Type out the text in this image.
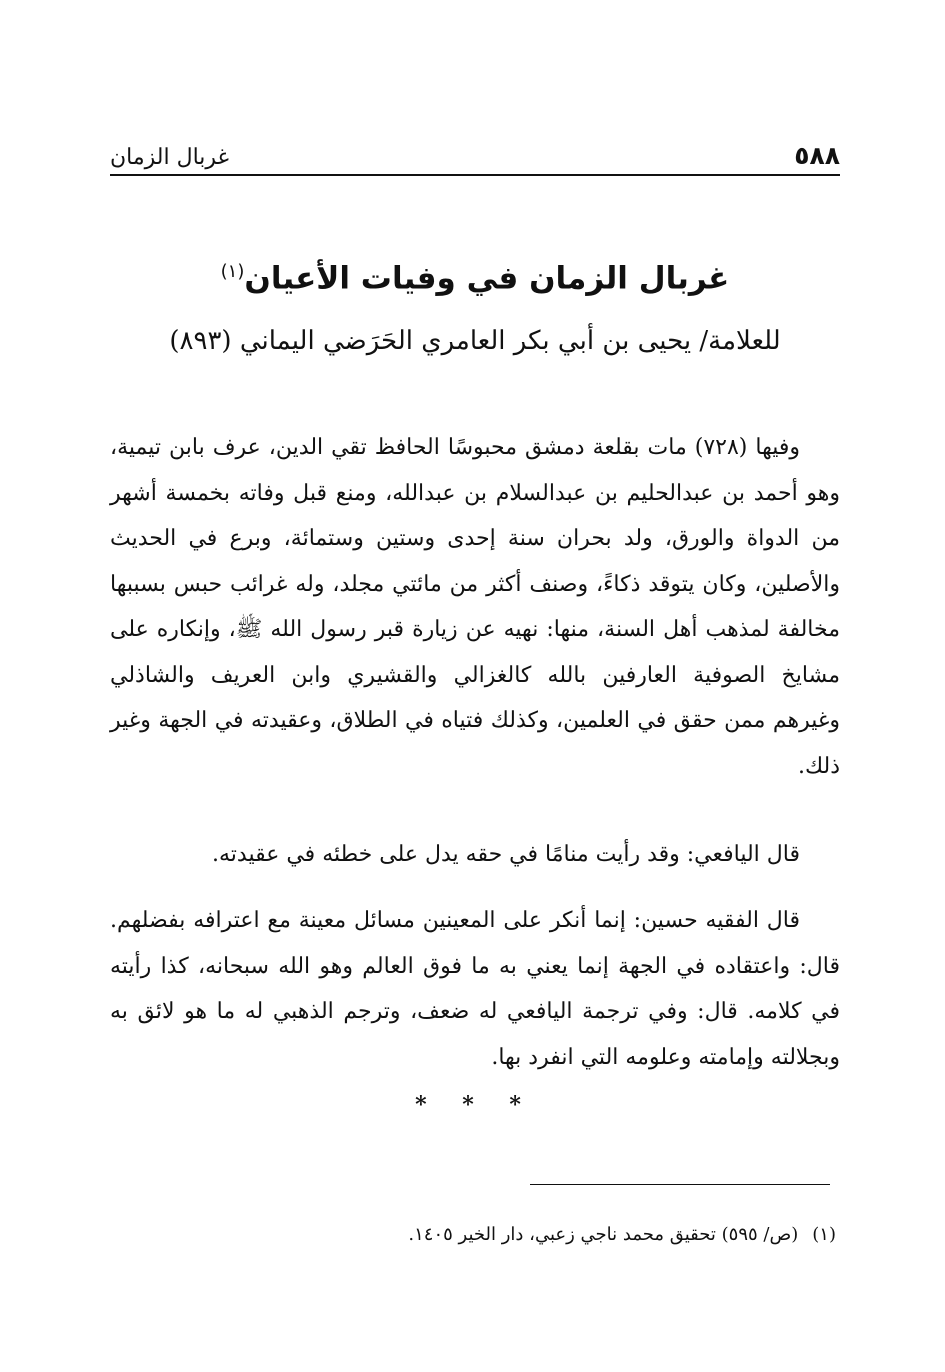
٥٨٨
غربال الزمان
غربال الزمان في وفيات الأعيان$^{(١)}$
للعلامة/ يحيى بن أبي بكر العامري الحَرَضي اليماني (٨٩٣)

وفيها (٧٢٨) مات بقلعة دمشق محبوسًا الحافظ تقي الدين، عرف بابن تيمية، وهو أحمد بن عبدالحليم بن عبدالسلام بن عبدالله، ومنع قبل وفاته بخمسة أشهر من الدواة والورق، ولد بحران سنة إحدى وستين وستمائة، وبرع في الحديث والأصلين، وكان يتوقد ذكاءً، وصنف أكثر من مائتي مجلد، وله غرائب حبس بسببها مخالفة لمذهب أهل السنة، منها: نهيه عن زيارة قبر رسول الله ﷺ، وإنكاره على مشايخ الصوفية العارفين بالله كالغزالي والقشيري وابن العريف والشاذلي وغيرهم ممن حقق في العلمين، وكذلك فتياه في الطلاق، وعقيدته في الجهة وغير ذلك.

قال اليافعي: وقد رأيت منامًا في حقه يدل على خطئه في عقيدته.

قال الفقيه حسين: إنما أنكر على المعينين مسائل معينة مع اعترافه بفضلهم. قال: واعتقاده في الجهة إنما يعني به ما فوق العالم وهو الله سبحانه، كذا رأيته في كلامه. قال: وفي ترجمة اليافعي له ضعف، وترجم الذهبي له ما هو لائق به وبجلالته وإمامته وعلومه التي انفرد بها.

* * *
(١)(ص/ ٥٩٥) تحقيق محمد ناجي زعبي، دار الخير ١٤٠٥.
